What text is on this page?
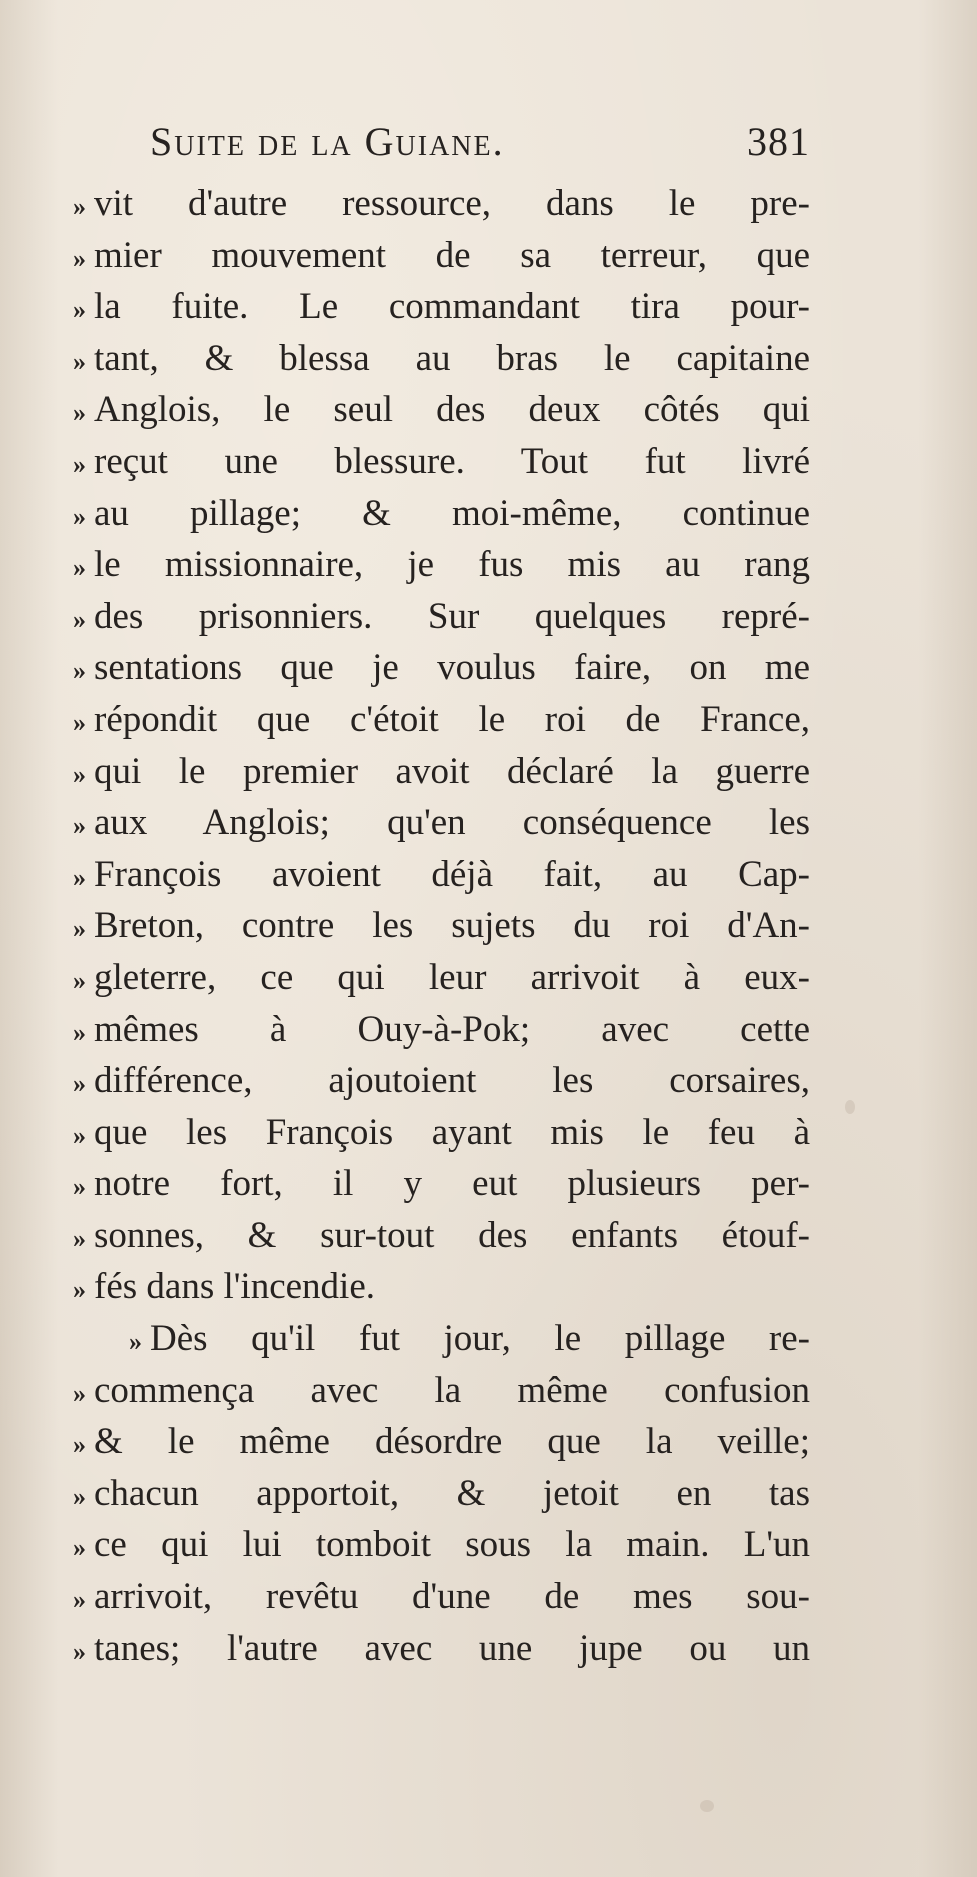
Suite de la Guiane.	381
» vit d'autre ressource, dans le pre-
» mier mouvement de sa terreur, que
» la fuite. Le commandant tira pour-
» tant, & blessa au bras le capitaine
» Anglois, le seul des deux côtés qui
» reçut une blessure. Tout fut livré
» au pillage; & moi-même, continue
» le missionnaire, je fus mis au rang
» des prisonniers. Sur quelques repré-
» sentations que je voulus faire, on me
» répondit que c'étoit le roi de France,
» qui le premier avoit déclaré la guerre
» aux Anglois; qu'en conséquence les
» François avoient déjà fait, au Cap-
» Breton, contre les sujets du roi d'An-
» gleterre, ce qui leur arrivoit à eux-
» mêmes à Ouy-à-Pok; avec cette
» différence, ajoutoient les corsaires,
» que les François ayant mis le feu à
» notre fort, il y eut plusieurs per-
» sonnes, & sur-tout des enfants étouf-
» fés dans l'incendie.
» Dès qu'il fut jour, le pillage re-
» commença avec la même confusion
» & le même désordre que la veille;
» chacun apportoit, & jetoit en tas
» ce qui lui tomboit sous la main. L'un
» arrivoit, revêtu d'une de mes sou-
» tanes; l'autre avec une jupe ou un
